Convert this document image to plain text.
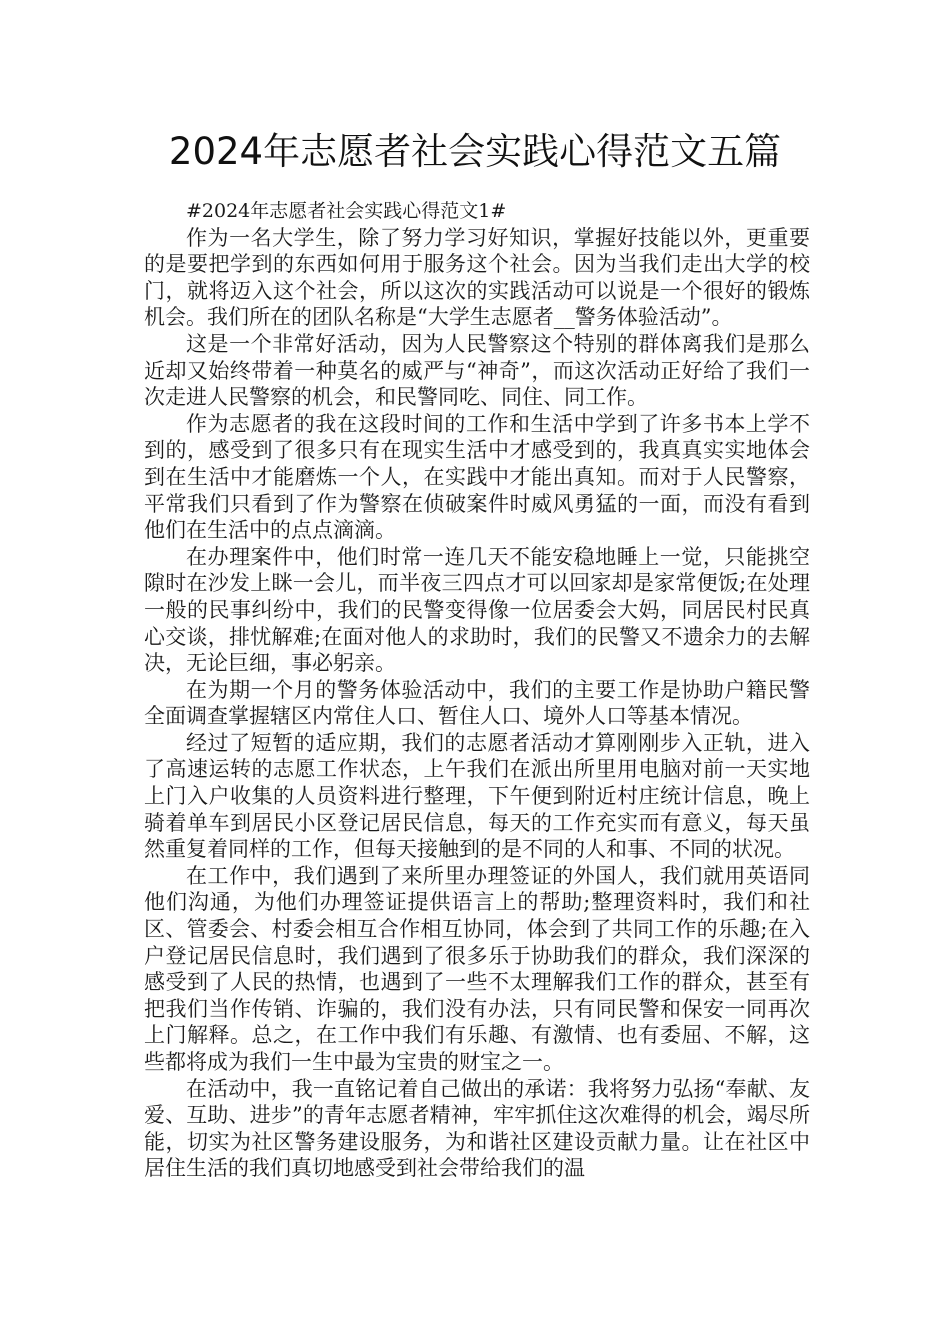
2024年志愿者社会实践心得范文五篇

#2024年志愿者社会实践心得范文1#

作为一名大学生，除了努力学习好知识，掌握好技能以外，更重要的是要把学到的东西如何用于服务这个社会。因为当我们走出大学的校门，就将迈入这个社会，所以这次的实践活动可以说是一个很好的锻炼机会。我们所在的团队名称是“大学生志愿者__警务体验活动”。

这是一个非常好活动，因为人民警察这个特别的群体离我们是那么近却又始终带着一种莫名的威严与“神奇”，而这次活动正好给了我们一次走进人民警察的机会，和民警同吃、同住、同工作。

作为志愿者的我在这段时间的工作和生活中学到了许多书本上学不到的，感受到了很多只有在现实生活中才感受到的，我真真实实地体会到在生活中才能磨炼一个人，在实践中才能出真知。而对于人民警察，平常我们只看到了作为警察在侦破案件时威风勇猛的一面，而没有看到他们在生活中的点点滴滴。

在办理案件中，他们时常一连几天不能安稳地睡上一觉，只能挑空隙时在沙发上眯一会儿，而半夜三四点才可以回家却是家常便饭;在处理一般的民事纠纷中，我们的民警变得像一位居委会大妈，同居民村民真心交谈，排忧解难;在面对他人的求助时，我们的民警又不遗余力的去解决，无论巨细，事必躬亲。

在为期一个月的警务体验活动中，我们的主要工作是协助户籍民警全面调查掌握辖区内常住人口、暂住人口、境外人口等基本情况。

经过了短暂的适应期，我们的志愿者活动才算刚刚步入正轨，进入了高速运转的志愿工作状态，上午我们在派出所里用电脑对前一天实地上门入户收集的人员资料进行整理，下午便到附近村庄统计信息，晚上骑着单车到居民小区登记居民信息，每天的工作充实而有意义，每天虽然重复着同样的工作，但每天接触到的是不同的人和事、不同的状况。

在工作中，我们遇到了来所里办理签证的外国人，我们就用英语同他们沟通，为他们办理签证提供语言上的帮助;整理资料时，我们和社区、管委会、村委会相互合作相互协同，体会到了共同工作的乐趣;在入户登记居民信息时，我们遇到了很多乐于协助我们的群众，我们深深的感受到了人民的热情，也遇到了一些不太理解我们工作的群众，甚至有把我们当作传销、诈骗的，我们没有办法，只有同民警和保安一同再次上门解释。总之，在工作中我们有乐趣、有激情、也有委屈、不解，这些都将成为我们一生中最为宝贵的财宝之一。

在活动中，我一直铭记着自己做出的承诺：我将努力弘扬“奉献、友爱、互助、进步”的青年志愿者精神，牢牢抓住这次难得的机会，竭尽所能，切实为社区警务建设服务，为和谐社区建设贡献力量。让在社区中居住生活的我们真切地感受到社会带给我们的温
